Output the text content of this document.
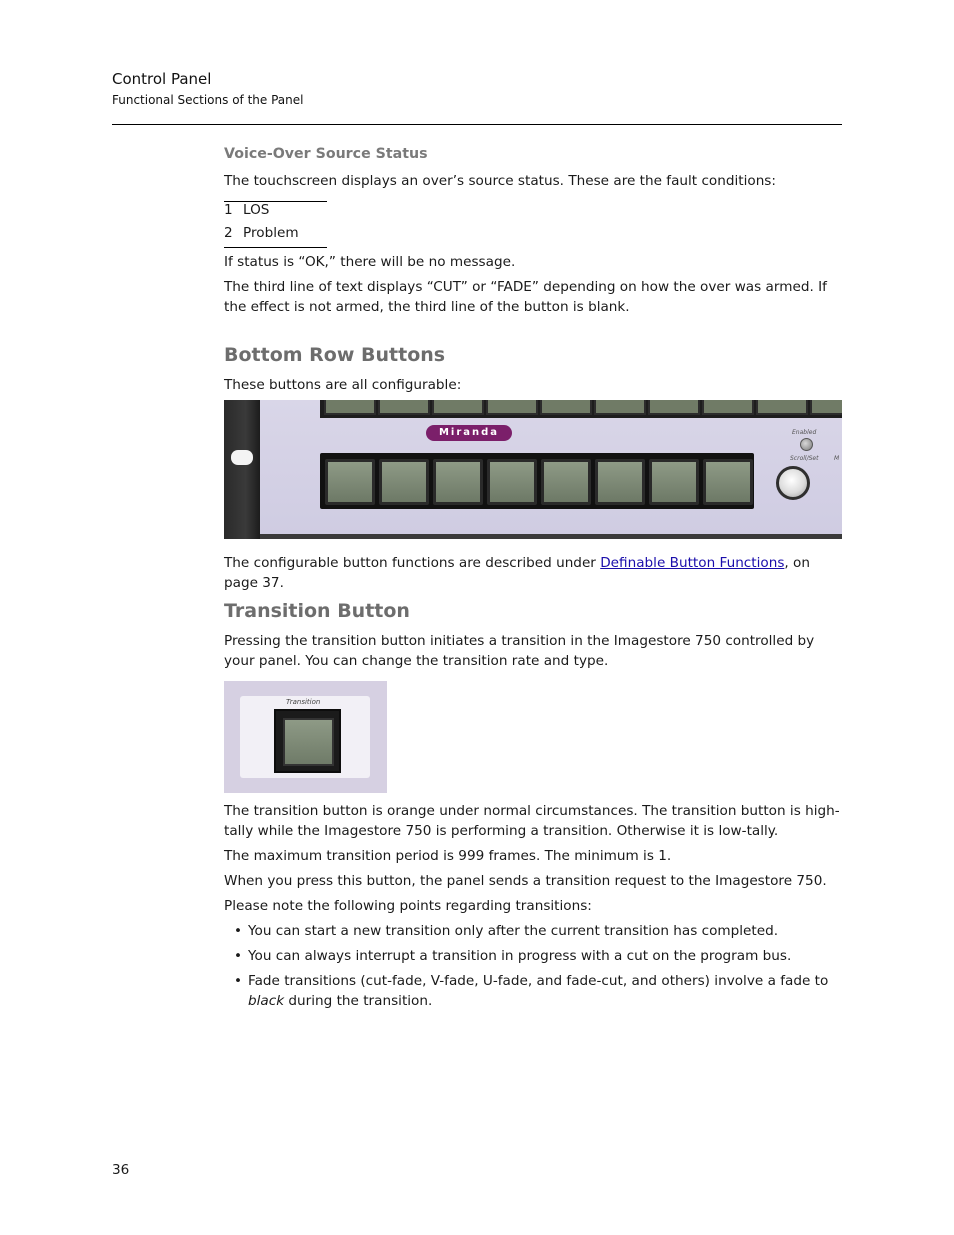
Control Panel
Functional Sections of the Panel
Voice-Over Source Status
The touchscreen displays an over’s source status. These are the fault conditions:
1 LOS
2 Problem
If status is “OK,” there will be no message.
The third line of text displays “CUT” or “FADE” depending on how the over was armed. If the effect is not armed, the third line of the button is blank.
Bottom Row Buttons
These buttons are all configurable:
Miranda	Enabled
Scroll/Set	M
The configurable button functions are described under Definable Button Functions, on page 37.
Transition Button
Pressing the transition button initiates a transition in the Imagestore 750 controlled by your panel. You can change the transition rate and type.
Transition
The transition button is orange under normal circumstances. The transition button is high-tally while the Imagestore 750 is performing a transition. Otherwise it is low-tally.
The maximum transition period is 999 frames. The minimum is 1.
When you press this button, the panel sends a transition request to the Imagestore 750.
Please note the following points regarding transitions:
• You can start a new transition only after the current transition has completed.
• You can always interrupt a transition in progress with a cut on the program bus.
• Fade transitions (cut-fade, V-fade, U-fade, and fade-cut, and others) involve a fade to black during the transition.
36
